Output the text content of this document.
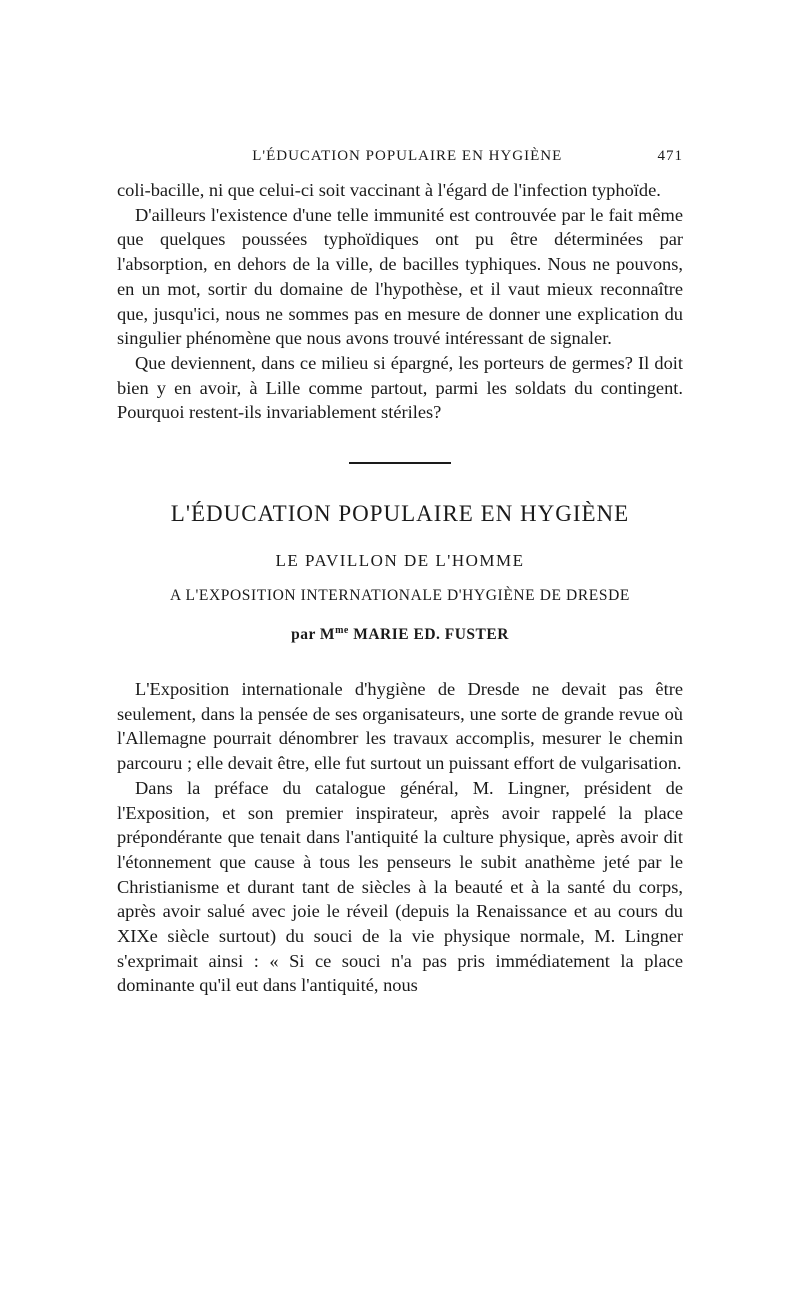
L'ÉDUCATION POPULAIRE EN HYGIÈNE	471

coli-bacille, ni que celui-ci soit vaccinant à l'égard de l'infection typhoïde.

D'ailleurs l'existence d'une telle immunité est controuvée par le fait même que quelques poussées typhoïdiques ont pu être déterminées par l'absorption, en dehors de la ville, de bacilles typhiques. Nous ne pouvons, en un mot, sortir du domaine de l'hypothèse, et il vaut mieux reconnaître que, jusqu'ici, nous ne sommes pas en mesure de donner une explication du singulier phénomène que nous avons trouvé intéressant de signaler.

Que deviennent, dans ce milieu si épargné, les porteurs de germes? Il doit bien y en avoir, à Lille comme partout, parmi les soldats du contingent. Pourquoi restent-ils invariablement stériles?

L'ÉDUCATION POPULAIRE EN HYGIÈNE
LE PAVILLON DE L'HOMME
A L'EXPOSITION INTERNATIONALE D'HYGIÈNE DE DRESDE
par $M^{me}$ MARIE ED. FUSTER

L'Exposition internationale d'hygiène de Dresde ne devait pas être seulement, dans la pensée de ses organisateurs, une sorte de grande revue où l'Allemagne pourrait dénombrer les travaux accomplis, mesurer le chemin parcouru ; elle devait être, elle fut surtout un puissant effort de vulgarisation.

Dans la préface du catalogue général, M. Lingner, président de l'Exposition, et son premier inspirateur, après avoir rappelé la place prépondérante que tenait dans l'antiquité la culture physique, après avoir dit l'étonnement que cause à tous les penseurs le subit anathème jeté par le Christianisme et durant tant de siècles à la beauté et à la santé du corps, après avoir salué avec joie le réveil (depuis la Renaissance et au cours du XIXe siècle surtout) du souci de la vie physique normale, M. Lingner s'exprimait ainsi : « Si ce souci n'a pas pris immédiatement la place dominante qu'il eut dans l'antiquité, nous
